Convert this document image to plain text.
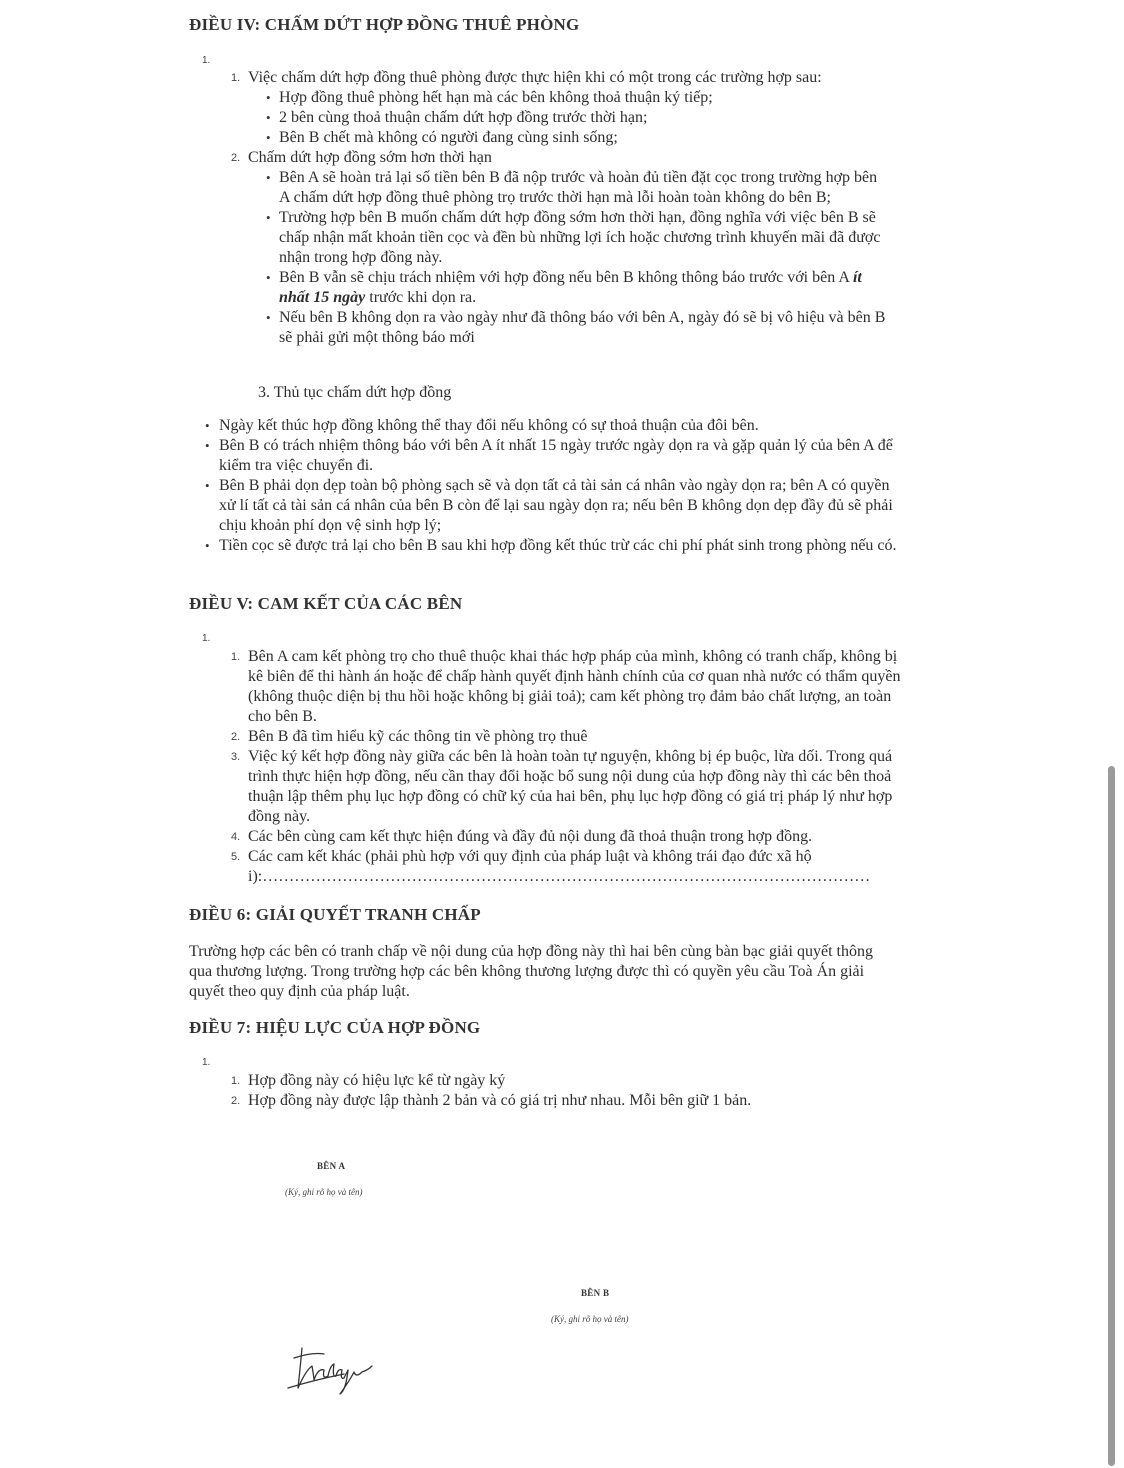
ĐIỀU IV: CHẤM DỨT HỢP ĐỒNG THUÊ PHÒNG
1.
1. Việc chấm dứt hợp đồng thuê phòng được thực hiện khi có một trong các trường hợp sau:
• Hợp đồng thuê phòng hết hạn mà các bên không thoả thuận ký tiếp;
• 2 bên cùng thoả thuận chấm dứt hợp đồng trước thời hạn;
• Bên B chết mà không có người đang cùng sinh sống;
2. Chấm dứt hợp đồng sớm hơn thời hạn
• Bên A sẽ hoàn trả lại số tiền bên B đã nộp trước và hoàn đủ tiền đặt cọc trong trường hợp bên A chấm dứt hợp đồng thuê phòng trọ trước thời hạn mà lỗi hoàn toàn không do bên B;
• Trường hợp bên B muốn chấm dứt hợp đồng sớm hơn thời hạn, đồng nghĩa với việc bên B sẽ chấp nhận mất khoản tiền cọc và đền bù những lợi ích hoặc chương trình khuyến mãi đã được nhận trong hợp đồng này.
• Bên B vẫn sẽ chịu trách nhiệm với hợp đồng nếu bên B không thông báo trước với bên A ít nhất 15 ngày trước khi dọn ra.
• Nếu bên B không dọn ra vào ngày như đã thông báo với bên A, ngày đó sẽ bị vô hiệu và bên B sẽ phải gửi một thông báo mới
3. Thủ tục chấm dứt hợp đồng
• Ngày kết thúc hợp đồng không thể thay đổi nếu không có sự thoả thuận của đôi bên.
• Bên B có trách nhiệm thông báo với bên A ít nhất 15 ngày trước ngày dọn ra và gặp quản lý của bên A để kiểm tra việc chuyển đi.
• Bên B phải dọn dẹp toàn bộ phòng sạch sẽ và dọn tất cả tài sản cá nhân vào ngày dọn ra; bên A có quyền xử lí tất cả tài sản cá nhân của bên B còn để lại sau ngày dọn ra; nếu bên B không dọn dẹp đầy đủ sẽ phải chịu khoản phí dọn vệ sinh hợp lý;
• Tiền cọc sẽ được trả lại cho bên B sau khi hợp đồng kết thúc trừ các chi phí phát sinh trong phòng nếu có.
ĐIỀU V: CAM KẾT CỦA CÁC BÊN
1.
1. Bên A cam kết phòng trọ cho thuê thuộc khai thác hợp pháp của mình, không có tranh chấp, không bị kê biên để thi hành án hoặc để chấp hành quyết định hành chính của cơ quan nhà nước có thẩm quyền (không thuộc diện bị thu hồi hoặc không bị giải toả); cam kết phòng trọ đảm bảo chất lượng, an toàn cho bên B.
2. Bên B đã tìm hiểu kỹ các thông tin về phòng trọ thuê
3. Việc ký kết hợp đồng này giữa các bên là hoàn toàn tự nguyện, không bị ép buộc, lừa dối. Trong quá trình thực hiện hợp đồng, nếu cần thay đổi hoặc bổ sung nội dung của hợp đồng này thì các bên thoả thuận lập thêm phụ lục hợp đồng có chữ ký của hai bên, phụ lục hợp đồng có giá trị pháp lý như hợp đồng này.
4. Các bên cùng cam kết thực hiện đúng và đầy đủ nội dung đã thoả thuận trong hợp đồng.
5. Các cam kết khác (phải phù hợp với quy định của pháp luật và không trái đạo đức xã hội):……………………………………………………………………………………………………
ĐIỀU 6: GIẢI QUYẾT TRANH CHẤP

Trường hợp các bên có tranh chấp về nội dung của hợp đồng này thì hai bên cùng bàn bạc giải quyết thông qua thương lượng. Trong trường hợp các bên không thương lượng được thì có quyền yêu cầu Toà Án giải quyết theo quy định của pháp luật.

ĐIỀU 7: HIỆU LỰC CỦA HỢP ĐỒNG
1.
1. Hợp đồng này có hiệu lực kể từ ngày ký
2. Hợp đồng này được lập thành 2 bản và có giá trị như nhau. Mỗi bên giữ 1 bản.
BÊN A
(Ký, ghi rõ họ và tên)
BÊN B
(Ký, ghi rõ họ và tên)
